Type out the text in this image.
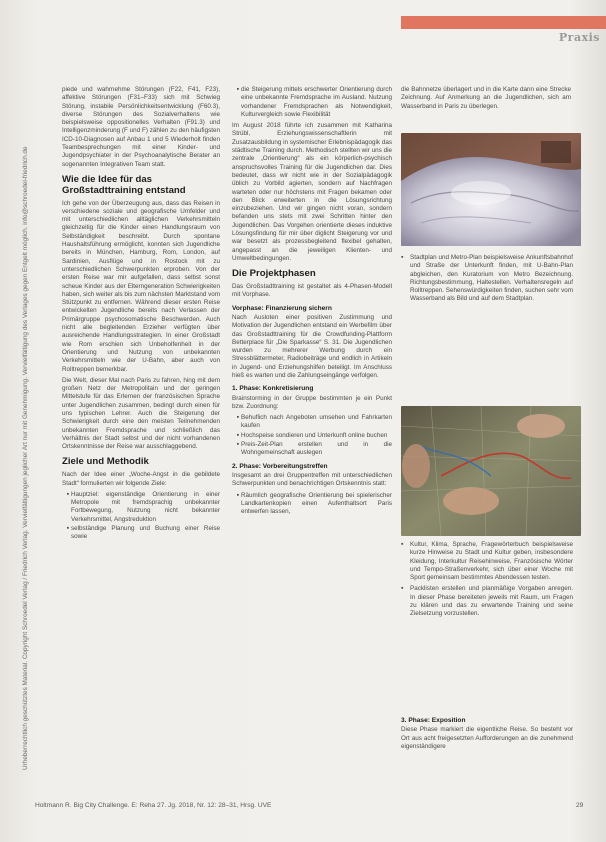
Praxis
Urheberrechtlich geschütztes Material. Copyright Schroedel Verlag / Friedrich Verlag. Vervielfältigungen jeglicher Art nur mit Genehmigung. Vervielfältigung des Verlages gegen Entgelt möglich. info@schroedel-friedrich.de

piede und wahrnehme Störungen (F22, F41, F23), affektive Störungen (F31–F33) sich mit Schwieg Störung, instabile Persönlichkeitsentwicklung (F60.3), diverse Störungen des Sozialverhaltens wie beispielsweise oppositionelles Verhalten (F91.3) und Intelligenzminderung (F und F) zählen zu den häufigsten ICD-10-Diagnosen auf Anbau 1 und 5 Wiederholt finden Teambesprechungen mit einer Kinder- und Jugendpsychiater in der Psychoanalytische Berater an sogenannten Integrativen Team statt.

Wie die Idee für das Großstadttraining entstand

Ich gehe von der Überzeugung aus, dass das Reisen in verschiedene soziale und geografische Umfelder und mit unterschiedlichen alltäglichen Verkehrsmitteln gleichzeitig für die Kinder einen Handlungsraum von Selbständigkeit beschreibt. Durch spontane Haushaltsführung ermöglicht, konnten sich Jugendliche bereits in München, Hamburg, Rom, London, auf Sardinien, Ausflüge und in Rostock mit zu unterschiedlichen Schwerpunkten erproben. Von der ersten Reise war mir aufgefallen, dass selbst sonst scheue Kinder aus der Elterngeneration Schwierigkeiten haben, sich weiter als bis zum nächsten Marktstand vom Stützpunkt zu entfernen. Während dieser ersten Reise entwickelten Jugendliche bereits nach Verlassen der Primärgruppe psychosomatische Beschwerden. Auch nicht alle begleitenden Erzieher verfügten über ausreichende Handlungsstrategien. In einer Großstadt wie Rom erschien sich Unbeholfenheit in der Orientierung und Nutzung von unbekannten Verkehrsmitteln wie der U-Bahn, aber auch von Rolltreppen bemerkbar.

Die Welt, dieser Mal nach Paris zu fahren, hing mit dem großen Netz der Metropolitain und der geringen Mittelstufe für das Erlernen der französischen Sprache unter Jugendlichen zusammen, bedingt durch einen für uns typischen Lehrer. Auch die Steigerung der Schwierigkeit durch eine den meisten Teilnehmenden unbekannten Fremdsprache und schließlich das Verhältnis der Stadt selbst und der nicht vorhandenen Ortskenntnisse der Reise war ausschlaggebend.

Ziele und Methodik

Nach der Idee einer „Woche-Angst in die gebildete Stadt“ formulierten wir folgende Ziele:

• Hauptziel: eigenständige Orientierung in einer Metropole mit fremdsprachig unbekannter Fortbewegung, Nutzung nicht bekannter Verkehrsmittel, Angstreduktion
• selbständige Planung und Buchung einer Reise sowie
• die Steigerung mittels erschwerter Orientierung durch eine unbekannte Fremdsprache im Ausland. Nutzung vorhandener Fremdsprachen als Notwendigkeit, Kulturvergleich sowie Flexibilität

Im August 2018 führte ich zusammen mit Katharina Strübl, Erziehungswissenschaftlerin mit Zusatzausbildung in systemischer Erlebnispädagogik das städtische Training durch. Methodisch stellten wir uns die zentrale „Orientierung“ als ein körperlich-psychisch anspruchsvolles Training für die Jugendlichen dar. Dies bedeutet, dass wir nicht wie in der Sozialpädagogik üblich zu Vorbild agierten, sondern auf Nachfragen warteten oder nur höchstens mit Fragen bekamen oder den Blick erweiterten in die Lösungsrichtung einzubeziehen. Und wir gingen nicht voran, sondern befanden uns stets mit zwei Schritten hinter den Jugendlichen. Das Vorgehen orientierte dieses induktive Lösungsfindung für mir über diglicht Steigerung vor und war besetzt als prozessbegleitend flexibel gehalten, angepasst an die jeweiligen Klienten- und Umweltbedingungen.

Die Projektphasen

Das Großstadttraining ist gestaltet als 4-Phasen-Modell mit Vorphase.

Vorphase: Finanzierung sichern

Nach Ausloten einer positiven Zustimmung und Motivation der Jugendlichen entstand ein Werbefilm über das Großstadttraining für die Crowdfunding-Plattform Betterplace für „Die Sparkasse“ S. 31. Die Jugendlichen wurden zu mehrerer Werbung durch ein Stressblättermeter, Radiobeiträge und endlich in Artikeln in Jugend- und Erziehungshilfen beteiligt. Im Anschluss hieß es warten und die Zahlungseingänge verfolgen.

1. Phase: Konkretisierung

Brainstorming in der Gruppe bestimmten je ein Punkt bzw. Zuordnung:

• Behuflich nach Angeboten umsehen und Fahrkarten kaufen
• Hochspeise sondieren und Unterkunft online buchen
• Preis-Zeit-Plan erstellen und in die Wohngemeinschaft auslegen
2. Phase: Vorbereitungstreffen

Insgesamt an drei Gruppentreffen mit unterschiedlichen Schwerpunkten und benachrichtigen Ortskenntnis statt:

• Räumlich geografische Orientierung bei spielerischer Landkartenkopien einen Aufenthaltsort Paris entwerfen lassen,

die Bahnnetze überlagert und in die Karte dann eine Strecke Zeichnung. Auf Anmerkung an die Jugendlichen, sich am Wasserband in Paris zu überlegen.

▪ Stadtplan und Metro-Plan beispielsweise Ankunftsbahnhof und Straße der Unterkunft finden, mit U-Bahn-Plan abgleichen, den Kuratorium von Metro Bezeichnung. Richtungsbestimmung, Haltestellen. Verhaltensregeln auf Rolltreppen. Sehenswürdigkeiten finden, suchen sehr vom Wasserband als Bild und auf dem Stadtplan.

▪ Kultur, Klima, Sprache, Fragewörterbuch beispielsweise kurze Hinweise zu Stadt und Kultur geben, insbesondere Kleidung, Interkultur Reisehinweise, Französische Wörter und Tempo-Straßenverkehr, sich über einer Woche mit Sport gemeinsam bestimmtes Abendessen testen.

▪ Packlisten erstellen und planmäßige Vorgaben anregen. In dieser Phase bereiteten jeweils mit Raum, um Fragen zu klären und das zu erwartende Training und seine Zielsetzung vorzustellen.

3. Phase: Exposition

Diese Phase markiert die eigentliche Reise. So besteht vor Ort aus acht freigesetzten Aufforderungen an die zunehmend eigenständigere

Holtmann R. Big City Challenge. E: Reha 27. Jg. 2018, Nr. 12: 28–31, Hrsg. UVE	29
